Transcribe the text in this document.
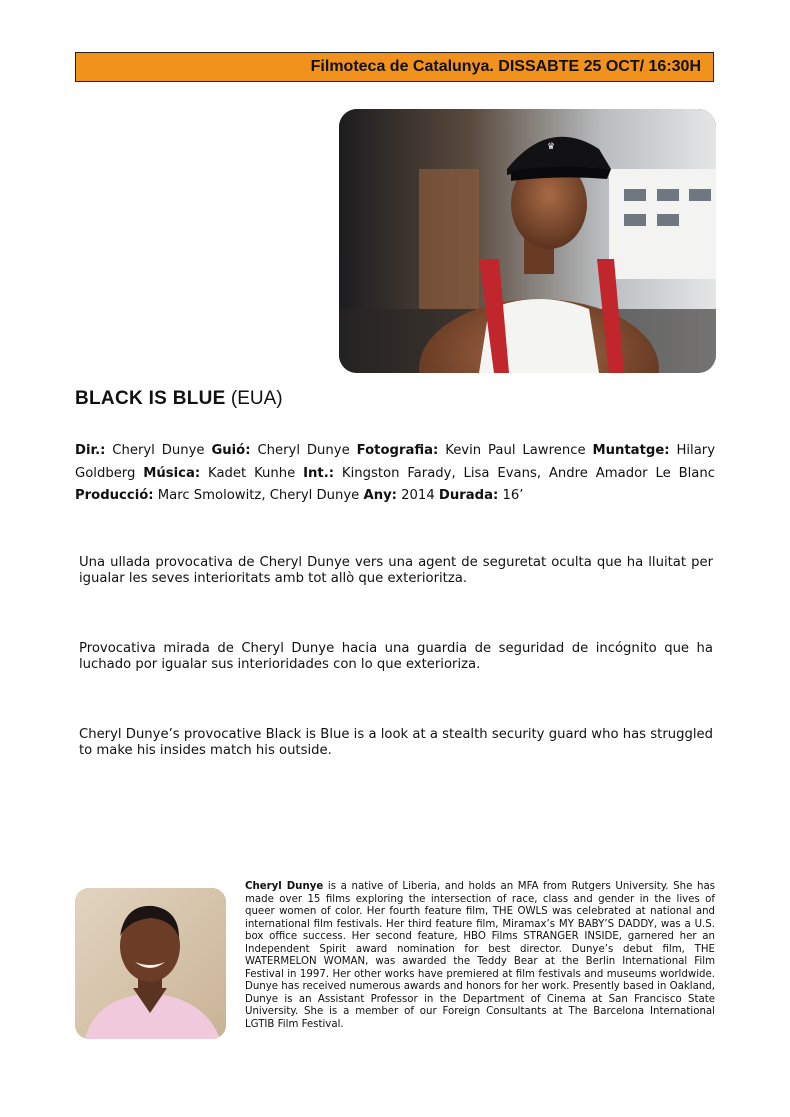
Filmoteca de Catalunya. DISSABTE 25 OCT/ 16:30H
♛
BLACK IS BLUE (EUA)
Dir.: Cheryl Dunye Guió: Cheryl Dunye Fotografia: Kevin Paul Lawrence Muntatge: Hilary Goldberg Música: Kadet Kunhe Int.: Kingston Farady, Lisa Evans, Andre Amador Le Blanc Producció: Marc Smolowitz, Cheryl Dunye Any: 2014 Durada: 16’
Una ullada provocativa de Cheryl Dunye vers una agent de seguretat oculta que ha lluitat per igualar les seves interioritats amb tot allò que exterioritza.
Provocativa mirada de Cheryl Dunye hacia una guardia de seguridad de incógnito que ha luchado por igualar sus interioridades con lo que exterioriza.
Cheryl Dunye’s provocative Black is Blue is a look at a stealth security guard who has struggled to make his insides match his outside.
Cheryl Dunye is a native of Liberia, and holds an MFA from Rutgers University. She has made over 15 films exploring the intersection of race, class and gender in the lives of queer women of color. Her fourth feature film, THE OWLS was celebrated at national and international film festivals. Her third feature film, Miramax’s MY BABY’S DADDY, was a U.S. box office success. Her second feature, HBO Films STRANGER INSIDE, garnered her an Independent Spirit award nomination for best director. Dunye’s debut film, THE WATERMELON WOMAN, was awarded the Teddy Bear at the Berlin International Film Festival in 1997. Her other works have premiered at film festivals and museums worldwide. Dunye has received numerous awards and honors for her work. Presently based in Oakland, Dunye is an Assistant Professor in the Department of Cinema at San Francisco State University. She is a member of our Foreign Consultants at The Barcelona International LGTIB Film Festival.
